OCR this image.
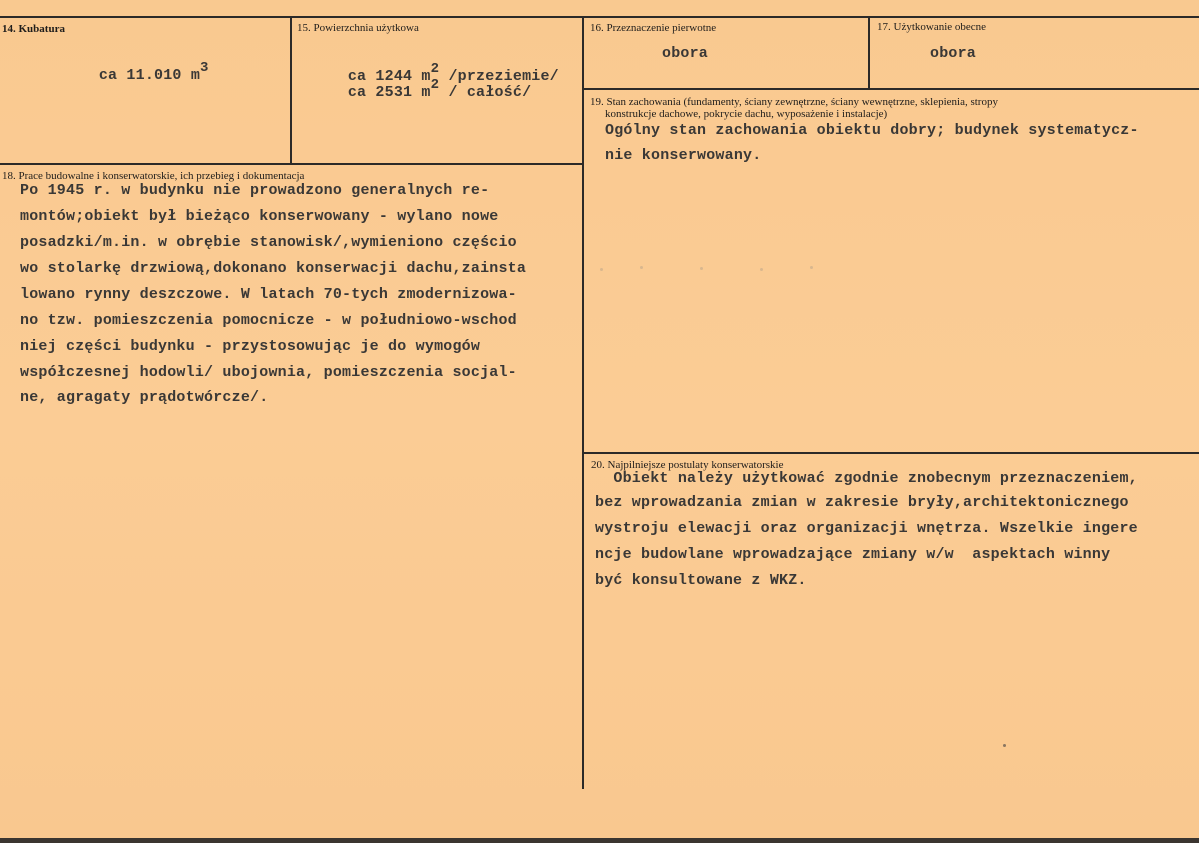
14. Kubatura

ca 11.010 $m^3$

15. Powierzchnia użytkowa

ca 1244 $m^2$ /przeziemie/

ca 2531 $m^2$ / całość/

16. Przeznaczenie pierwotne
obora
17. Użytkowanie obecne
obora
18. Prace budowalne i konserwatorskie, ich przebieg i dokumentacja
Po 1945 r. w budynku nie prowadzono generalnych re-
montów;obiekt był bieżąco konserwowany - wylano nowe
posadzki/m.in. w obrębie stanowisk/,wymieniono częścio
wo stolarkę drzwiową,dokonano konserwacji dachu,zainsta
lowano rynny deszczowe. W latach 70-tych zmodernizowa-
no tzw. pomieszczenia pomocnicze - w południowo-wschod
niej części budynku - przystosowując je do wymogów
współczesnej hodowli/ ubojownia, pomieszczenia socjal-
ne, agragaty prądotwórcze/.
19. Stan zachowania (fundamenty, ściany zewnętrzne, ściany wewnętrzne, sklepienia, stropy
konstrukcje dachowe, pokrycie dachu, wyposażenie i instalacje)
Ogólny stan zachowania obiektu dobry; budynek systematycz-
nie konserwowany.
20. Najpilniejsze postulaty konserwatorskie
Obiekt należy użytkować zgodnie znobecnym przeznaczeniem,
bez wprowadzania zmian w zakresie bryły,architektonicznego
wystroju elewacji oraz organizacji wnętrza. Wszelkie ingere
ncje budowlane wprowadzające zmiany w/w  aspektach winny
być konsultowane z WKZ.
